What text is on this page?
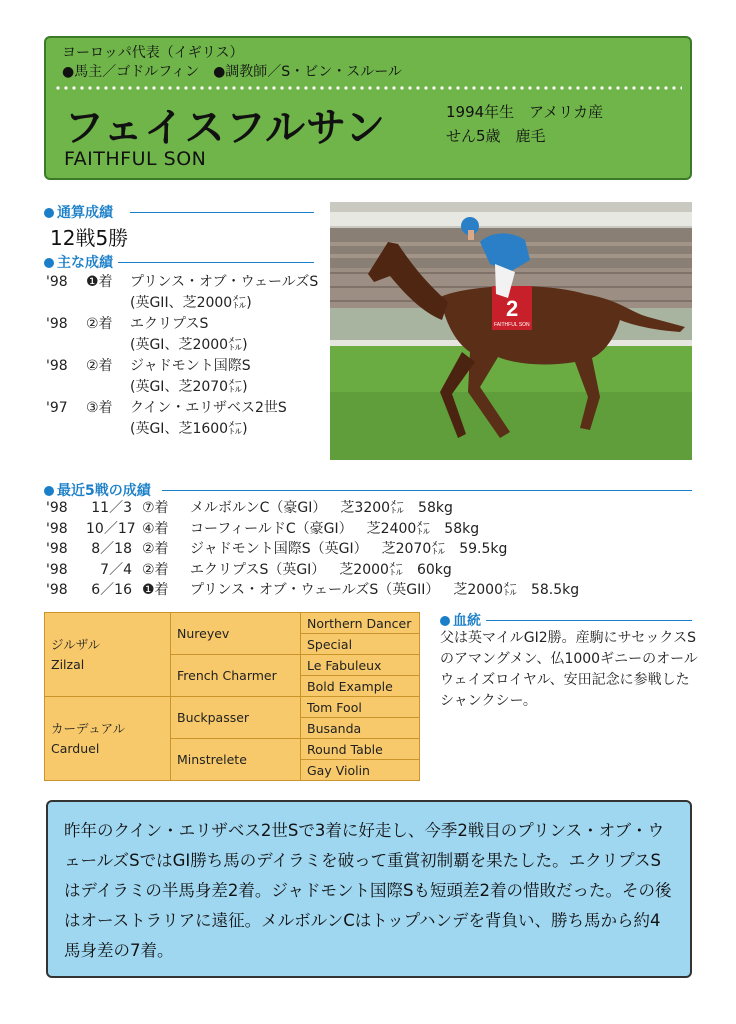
ヨーロッパ代表（イギリス）
●馬主／ゴドルフィン　●調教師／S・ビン・スルール
フェイスフルサン
FAITHFUL SON
1994年生　アメリカ産
せん5歳　鹿毛
通算成績
12戦5勝
主な成績
'98	❶着	プリンス・オブ・ウェールズS
(英GII、芝2000㍍)
'98	②着	エクリプスS
(英GI、芝2000㍍)
'98	②着	ジャドモント国際S
(英GI、芝2070㍍)
'97	③着	クイン・エリザベス2世S
(英GI、芝1600㍍)
2
FAITHFUL SON
最近5戦の成績
'98	11／3 ⑦着	メルボルンC（豪GI） 芝3200㍍ 58kg
'98	10／17 ④着	コーフィールドC（豪GI） 芝2400㍍ 58kg
'98	8／18 ②着	ジャドモント国際S（英GI） 芝2070㍍ 59.5kg
'98	7／4 ②着	エクリプスS（英GI） 芝2000㍍ 60kg
'98	6／16 ❶着	プリンス・オブ・ウェールズS（英GII） 芝2000㍍ 58.5kg
ジルザル
Zilzal	Nureyev	Northern Dancer
		Special
	French Charmer	Le Fabuleux
		Bold Example

カーデュアル
Carduel	Buckpasser	Tom Fool
		Busanda
	Minstrelete	Round Table
		Gay Violin
血統
父は英マイルGI2勝。産駒にサセックスSのアマングメン、仏1000ギニーのオールウェイズロイヤル、安田記念に参戦したシャンクシー。
昨年のクイン・エリザベス2世Sで3着に好走し、今季2戦目のプリンス・オブ・ウェールズSではGI勝ち馬のデイラミを破って重賞初制覇を果たした。エクリプスSはデイラミの半馬身差2着。ジャドモント国際Sも短頭差2着の惜敗だった。その後はオーストラリアに遠征。メルボルンCはトップハンデを背負い、勝ち馬から約4馬身差の7着。
